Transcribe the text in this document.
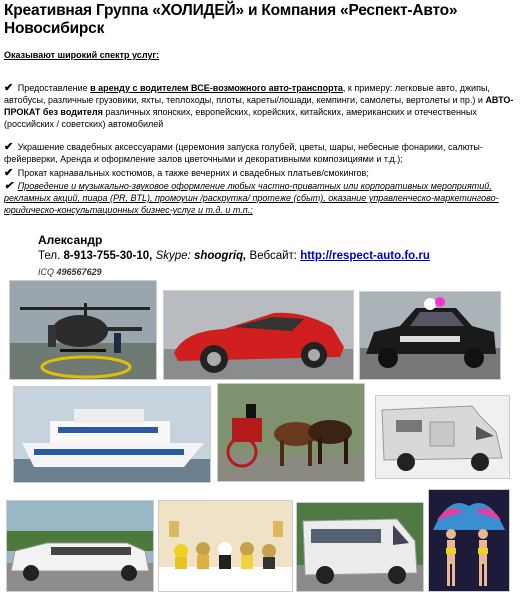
Креативная Группа «ХОЛИДЕЙ» и Компания «Респект-Авто»
Новосибирск
Оказывают широкий спектр услуг:
✔ Предоставление в аренду с водителем ВСЕ-возможного авто-транспорта, к примеру: легковые авто, джипы, автобусы, различные грузовики, яхты, теплоходы, плоты, кареты/лошади, кемпинги, самолеты, вертолеты и пр.) и АВТО-ПРОКАТ без водителя различных японских, европейских, корейских, китайских, американских и отечественных (российских / советских) автомобилей
✔ Украшение свадебных аксессуарами (церемония запуска голубей, цветы, шары, небесные фонарики, салюты-фейерверки, Аренда и оформление залов цветочными и декоративными композициями и т.д.);
✔ Прокат карнавальных костюмов, а также вечерних и свадебных платьев/смокингов;
✔ Проведение и музыкально-звуковое оформление любых частно-приватных или корпоративных мероприятий, рекламных акций, пиара (PR, BTL), промоушн /раскрутка/ протеже (сбыт), оказание управленческо-маркетингово-юридическо-консультационных бизнес-услуг и т.д. и т.п.;
Александр
Тел. 8-913-755-30-10, Skype: shoogriq, Вебсайт: http://respect-auto.fo.ru
ICQ 496567629
